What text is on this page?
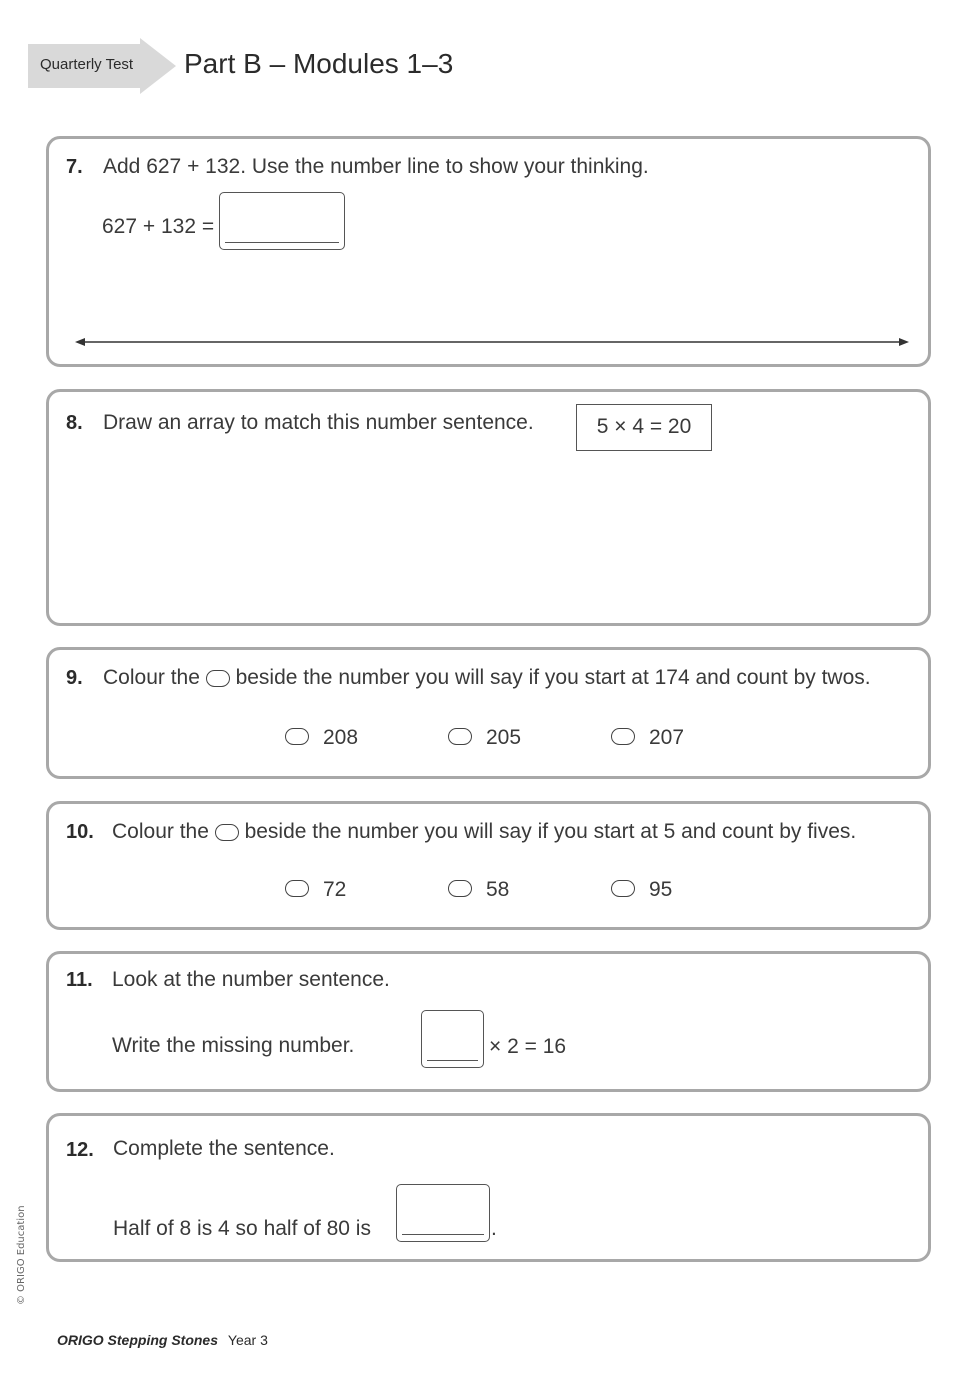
Quarterly Test Part B – Modules 1–3
7. Add 627 + 132. Use the number line to show your thinking.
627 + 132 =
8. Draw an array to match this number sentence.	5 × 4 = 20
9. Colour the beside the number you will say if you start at 174 and count by twos.
208	205	207
10. Colour the beside the number you will say if you start at 5 and count by fives.
72	58	95
11. Look at the number sentence.
Write the missing number.	× 2 = 16
12. Complete the sentence.
Half of 8 is 4 so half of 80 is	.
© ORIGO Education
ORIGO Stepping Stones Year 3
